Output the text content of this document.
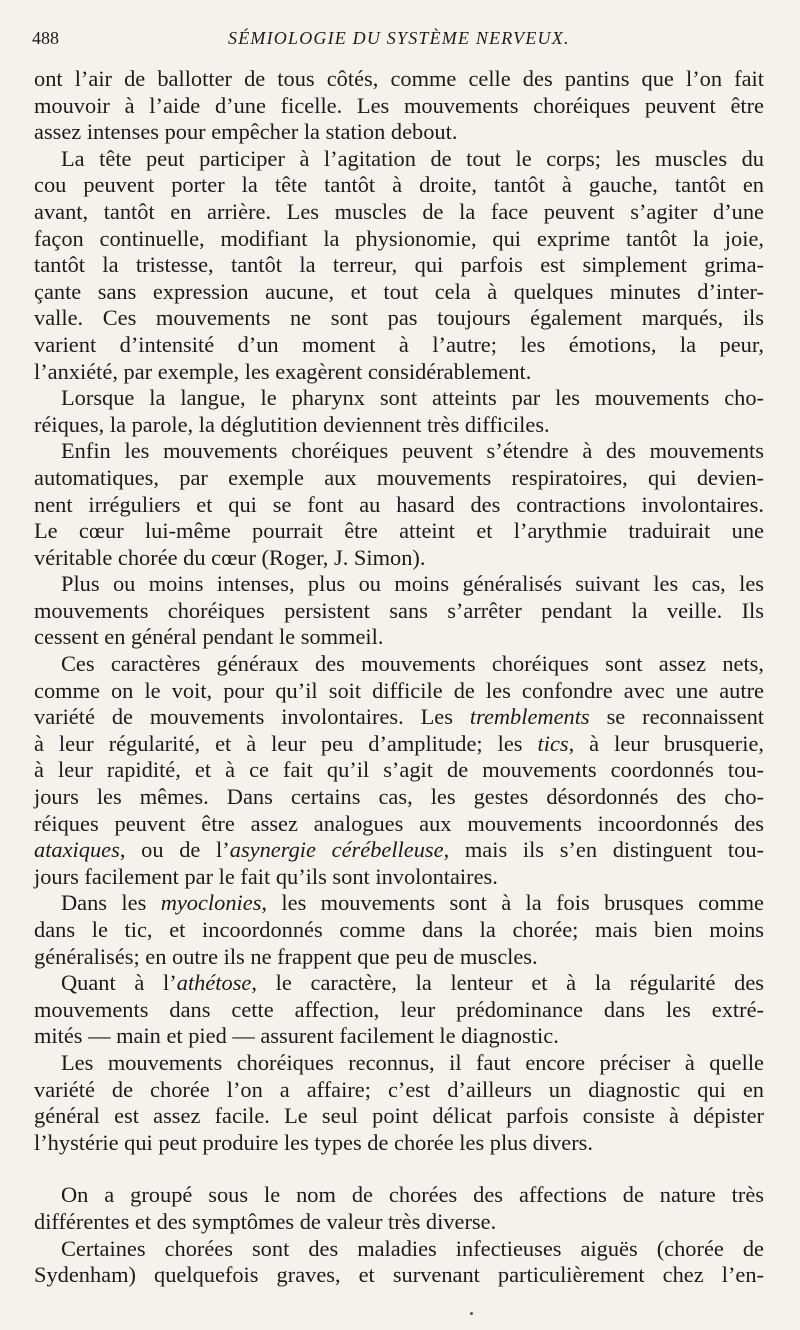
488	SÉMIOLOGIE DU SYSTÈME NERVEUX.
ont l’air de ballotter de tous côtés, comme celle des pantins que l’on fait
mouvoir à l’aide d’une ficelle. Les mouvements choréiques peuvent être
assez intenses pour empêcher la station debout.
La tête peut participer à l’agitation de tout le corps; les muscles du
cou peuvent porter la tête tantôt à droite, tantôt à gauche, tantôt en
avant, tantôt en arrière. Les muscles de la face peuvent s’agiter d’une
façon continuelle, modifiant la physionomie, qui exprime tantôt la joie,
tantôt la tristesse, tantôt la terreur, qui parfois est simplement grima-
çante sans expression aucune, et tout cela à quelques minutes d’inter-
valle. Ces mouvements ne sont pas toujours également marqués, ils
varient d’intensité d’un moment à l’autre; les émotions, la peur,
l’anxiété, par exemple, les exagèrent considérablement.
Lorsque la langue, le pharynx sont atteints par les mouvements cho-
réiques, la parole, la déglutition deviennent très difficiles.
Enfin les mouvements choréiques peuvent s’étendre à des mouvements
automatiques, par exemple aux mouvements respiratoires, qui devien-
nent irréguliers et qui se font au hasard des contractions involontaires.
Le cœur lui-même pourrait être atteint et l’arythmie traduirait une
véritable chorée du cœur (Roger, J. Simon).
Plus ou moins intenses, plus ou moins généralisés suivant les cas, les
mouvements choréiques persistent sans s’arrêter pendant la veille. Ils
cessent en général pendant le sommeil.
Ces caractères généraux des mouvements choréiques sont assez nets,
comme on le voit, pour qu’il soit difficile de les confondre avec une autre
variété de mouvements involontaires. Les tremblements se reconnaissent
à leur régularité, et à leur peu d’amplitude; les tics, à leur brusquerie,
à leur rapidité, et à ce fait qu’il s’agit de mouvements coordonnés tou-
jours les mêmes. Dans certains cas, les gestes désordonnés des cho-
réiques peuvent être assez analogues aux mouvements incoordonnés des
ataxiques, ou de l’asynergie cérébelleuse, mais ils s’en distinguent tou-
jours facilement par le fait qu’ils sont involontaires.
Dans les myoclonies, les mouvements sont à la fois brusques comme
dans le tic, et incoordonnés comme dans la chorée; mais bien moins
généralisés; en outre ils ne frappent que peu de muscles.
Quant à l’athétose, le caractère, la lenteur et à la régularité des
mouvements dans cette affection, leur prédominance dans les extré-
mités — main et pied — assurent facilement le diagnostic.
Les mouvements choréiques reconnus, il faut encore préciser à quelle
variété de chorée l’on a affaire; c’est d’ailleurs un diagnostic qui en
général est assez facile. Le seul point délicat parfois consiste à dépister
l’hystérie qui peut produire les types de chorée les plus divers.
On a groupé sous le nom de chorées des affections de nature très
différentes et des symptômes de valeur très diverse.
Certaines chorées sont des maladies infectieuses aiguës (chorée de
Sydenham) quelquefois graves, et survenant particulièrement chez l’en-
